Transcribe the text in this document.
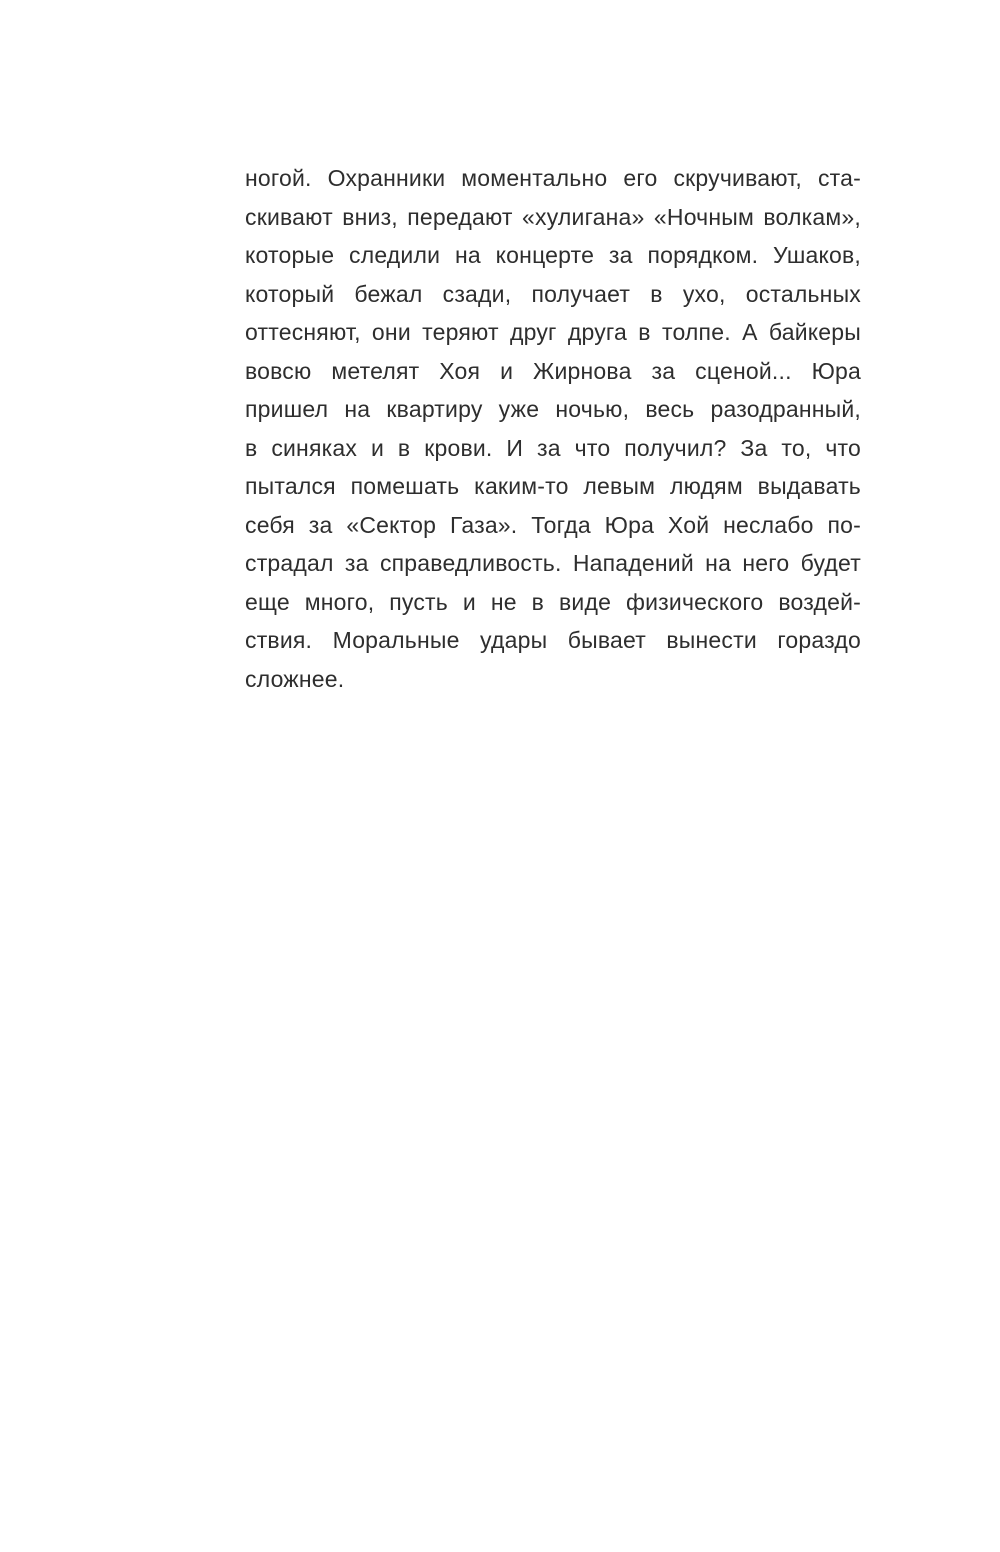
ногой. Охранники моментально его скручивают, ста-
скивают вниз, передают «хулигана» «Ночным волкам»,
которые следили на концерте за порядком. Ушаков,
который бежал сзади, получает в ухо, остальных
оттесняют, они теряют друг друга в толпе. А байкеры
вовсю метелят Хоя и Жирнова за сценой... Юра
пришел на квартиру уже ночью, весь разодранный,
в синяках и в крови. И за что получил? За то, что
пытался помешать каким-то левым людям выдавать
себя за «Сектор Газа». Тогда Юра Хой неслабо по-
страдал за справедливость. Нападений на него будет
еще много, пусть и не в виде физического воздей-
ствия. Моральные удары бывает вынести гораздо
сложнее.
